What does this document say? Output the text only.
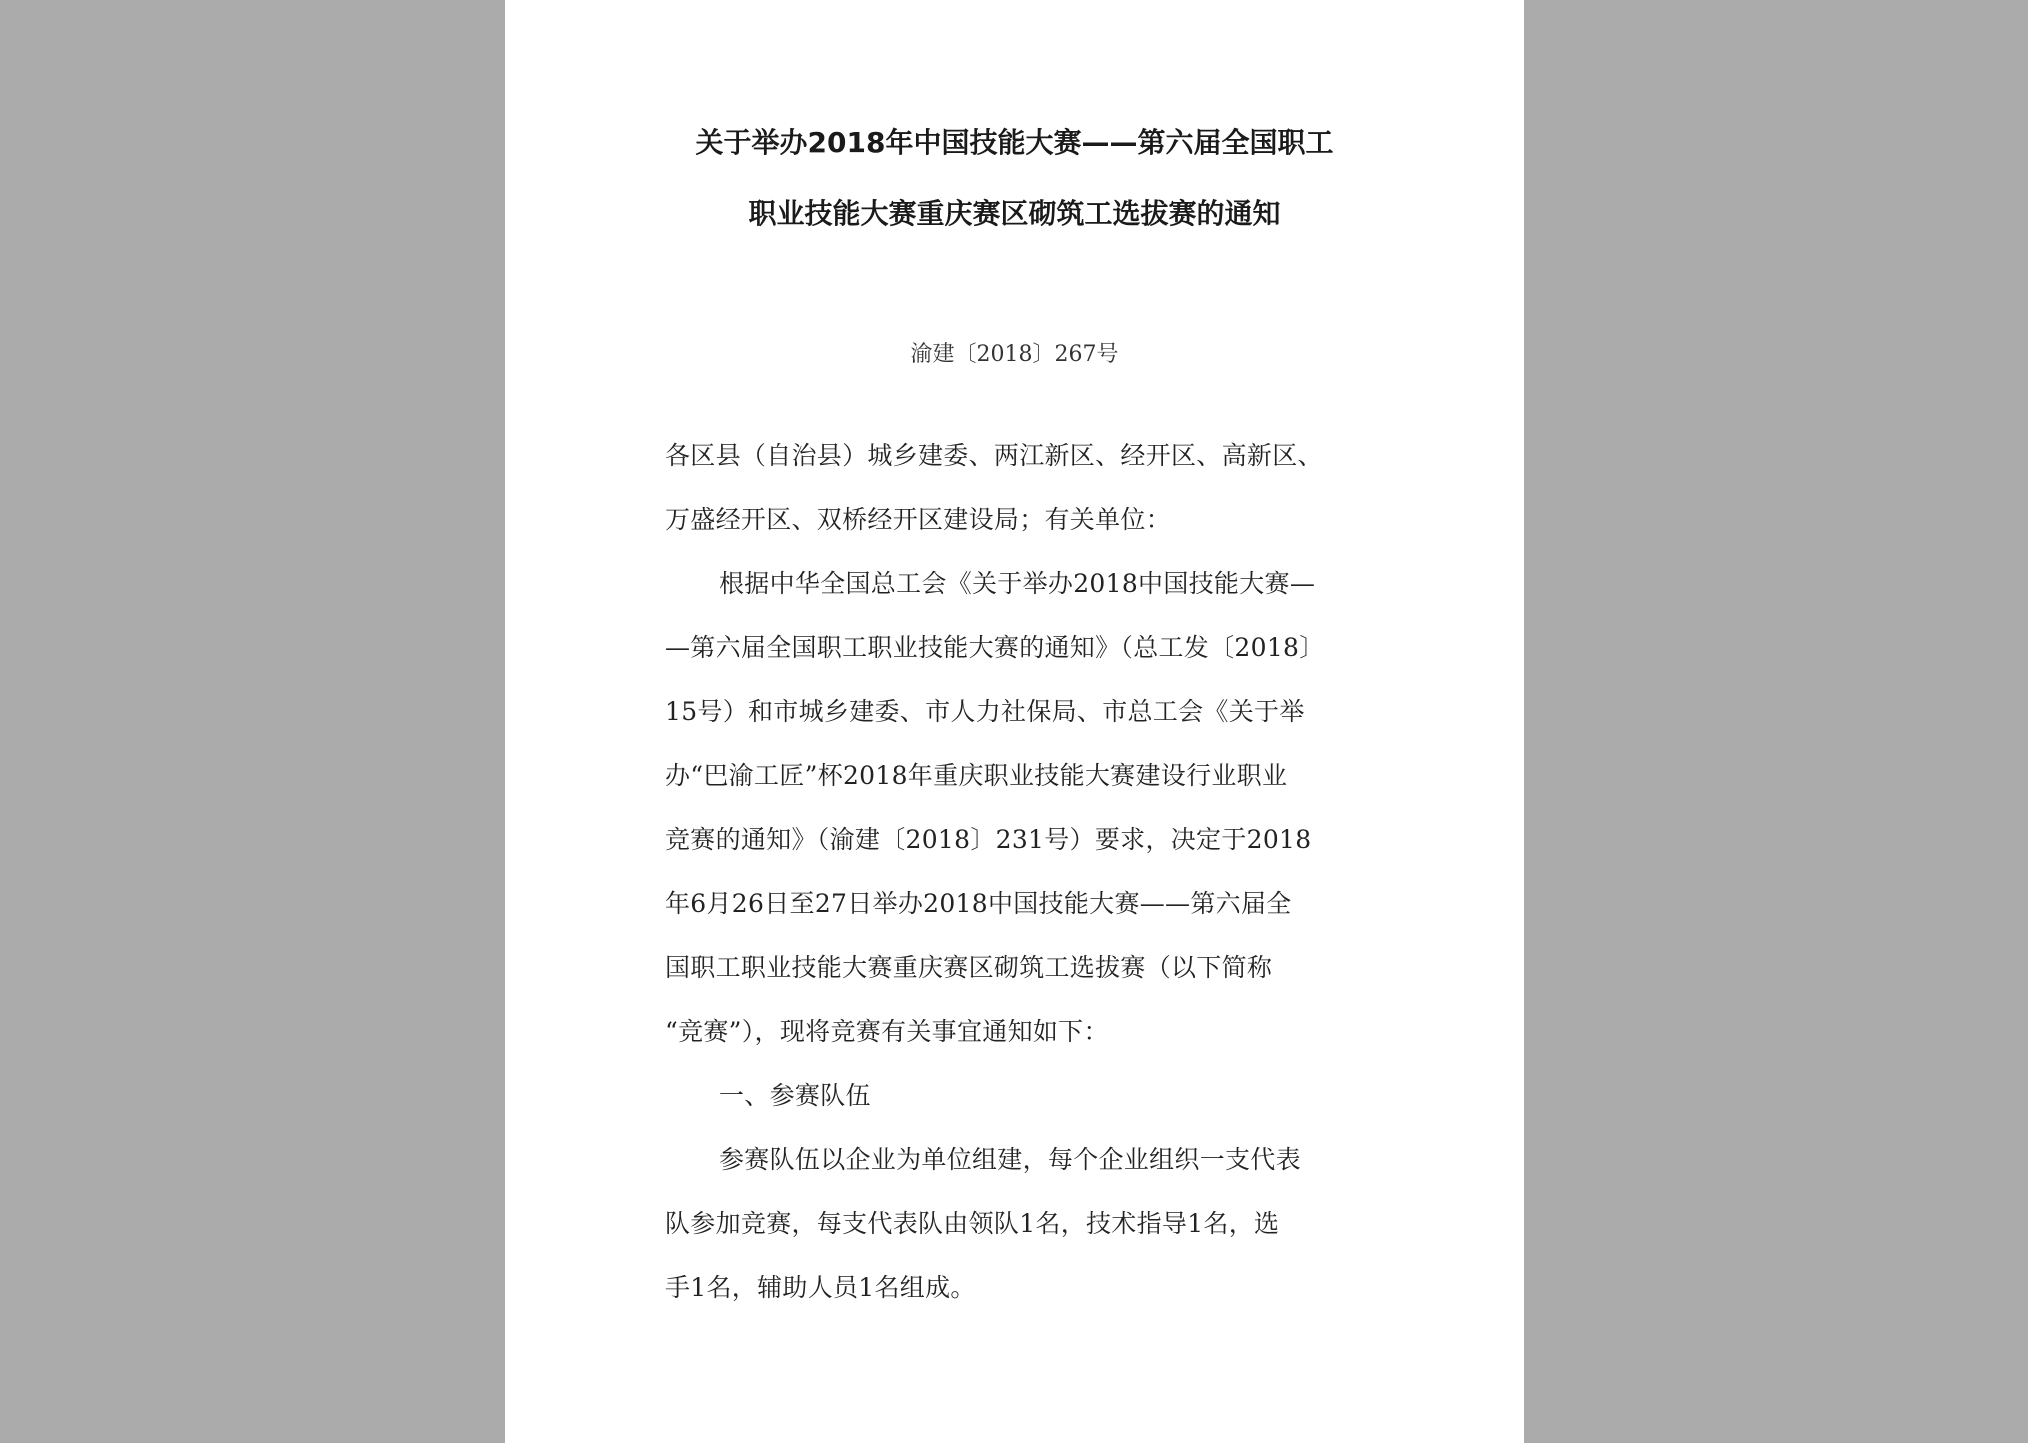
关于举办2018年中国技能大赛——第六届全国职工
职业技能大赛重庆赛区砌筑工选拔赛的通知
渝建〔2018〕267号
各区县（自治县）城乡建委、两江新区、经开区、高新区、
万盛经开区、双桥经开区建设局；有关单位：
根据中华全国总工会《关于举办2018中国技能大赛—
—第六届全国职工职业技能大赛的通知》（总工发〔2018〕
15号）和市城乡建委、市人力社保局、市总工会《关于举
办“巴渝工匠”杯2018年重庆职业技能大赛建设行业职业
竞赛的通知》（渝建〔2018〕231号）要求，决定于2018
年6月26日至27日举办2018中国技能大赛——第六届全
国职工职业技能大赛重庆赛区砌筑工选拔赛（以下简称
“竞赛”），现将竞赛有关事宜通知如下：
一、参赛队伍
参赛队伍以企业为单位组建，每个企业组织一支代表
队参加竞赛，每支代表队由领队1名，技术指导1名，选
手1名，辅助人员1名组成。
